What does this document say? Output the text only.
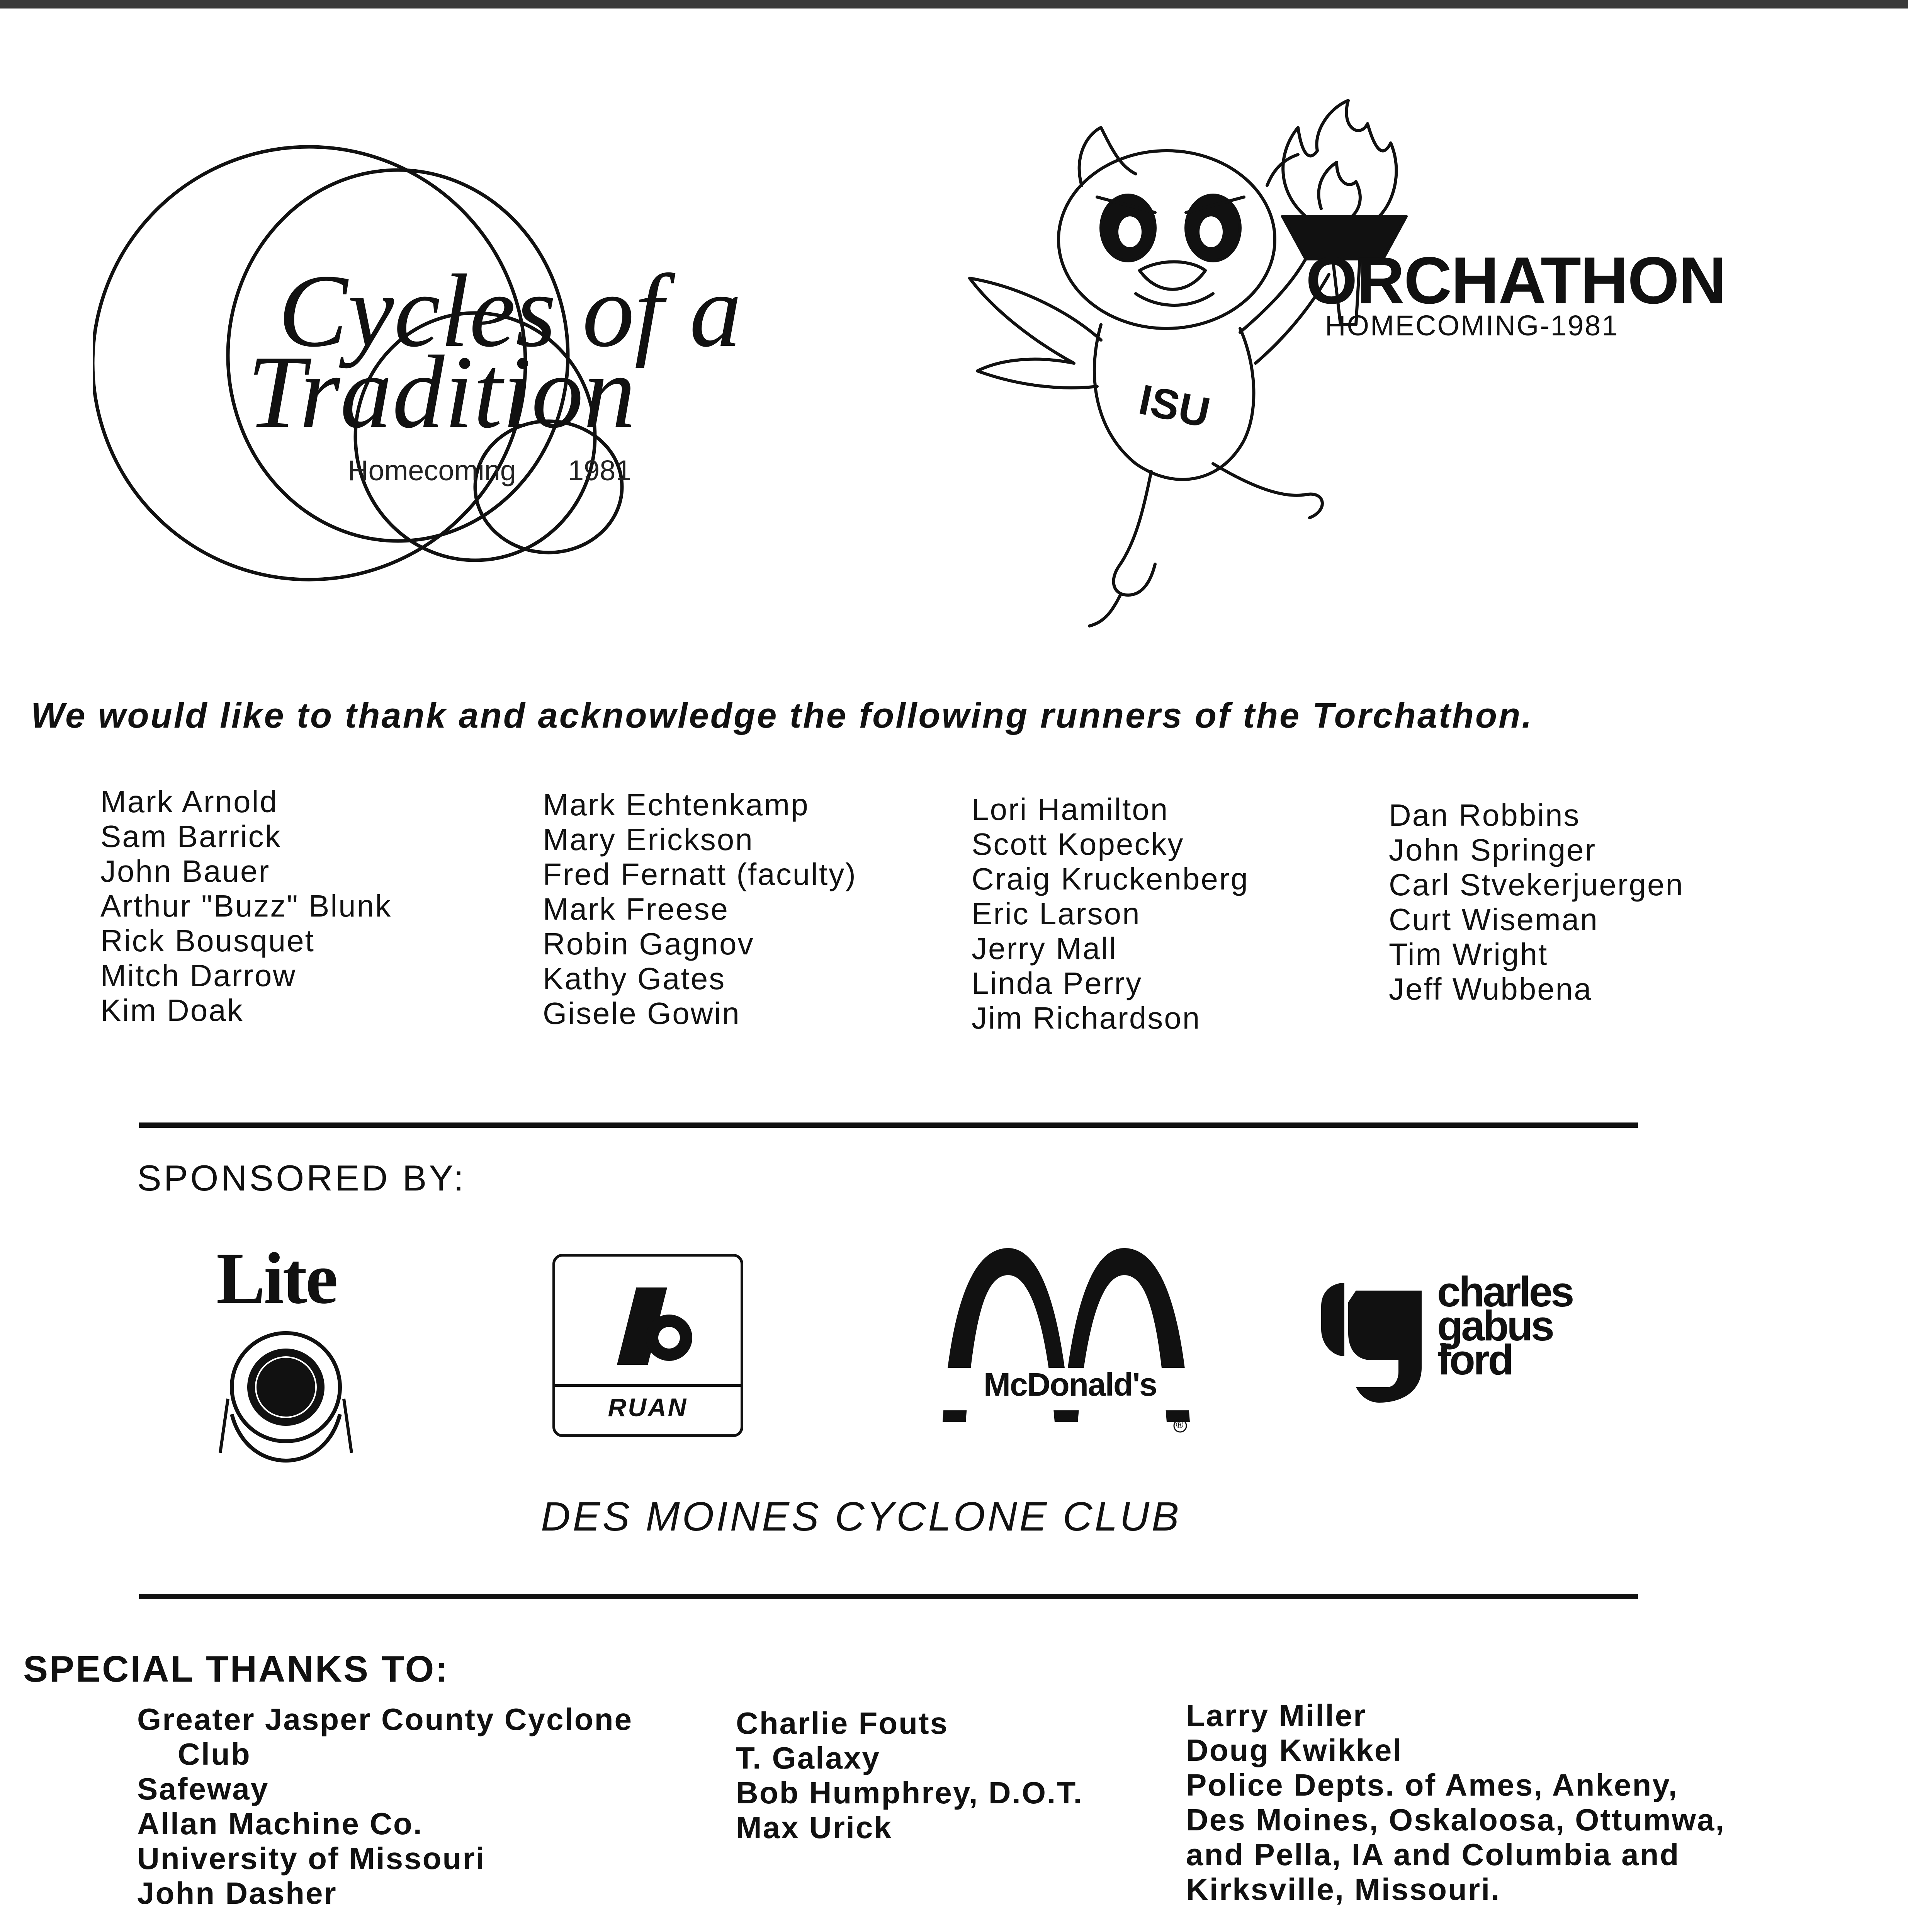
Cycles of a
Tradition
Homecoming 1981
ISU
ORCHATHON
HOMECOMING-1981
We would like to thank and acknowledge the following runners of the Torchathon.
Mark Arnold
Sam Barrick
John Bauer
Arthur "Buzz" Blunk
Rick Bousquet
Mitch Darrow
Kim Doak
Mark Echtenkamp
Mary Erickson
Fred Fernatt (faculty)
Mark Freese
Robin Gagnov
Kathy Gates
Gisele Gowin
Lori Hamilton
Scott Kopecky
Craig Kruckenberg
Eric Larson
Jerry Mall
Linda Perry
Jim Richardson
Dan Robbins
John Springer
Carl Stvekerjuergen
Curt Wiseman
Tim Wright
Jeff Wubbena
SPONSORED BY:
Lite
RUAN
McDonald's
®
charles
gabus
ford
DES MOINES CYCLONE CLUB
SPECIAL THANKS TO:
Greater Jasper County Cyclone
Club
Safeway
Allan Machine Co.
University of Missouri
John Dasher
Charlie Fouts
T. Galaxy
Bob Humphrey, D.O.T.
Max Urick
Larry Miller
Doug Kwikkel
Police Depts. of Ames, Ankeny,
Des Moines, Oskaloosa, Ottumwa,
and Pella, IA and Columbia and
Kirksville, Missouri.
